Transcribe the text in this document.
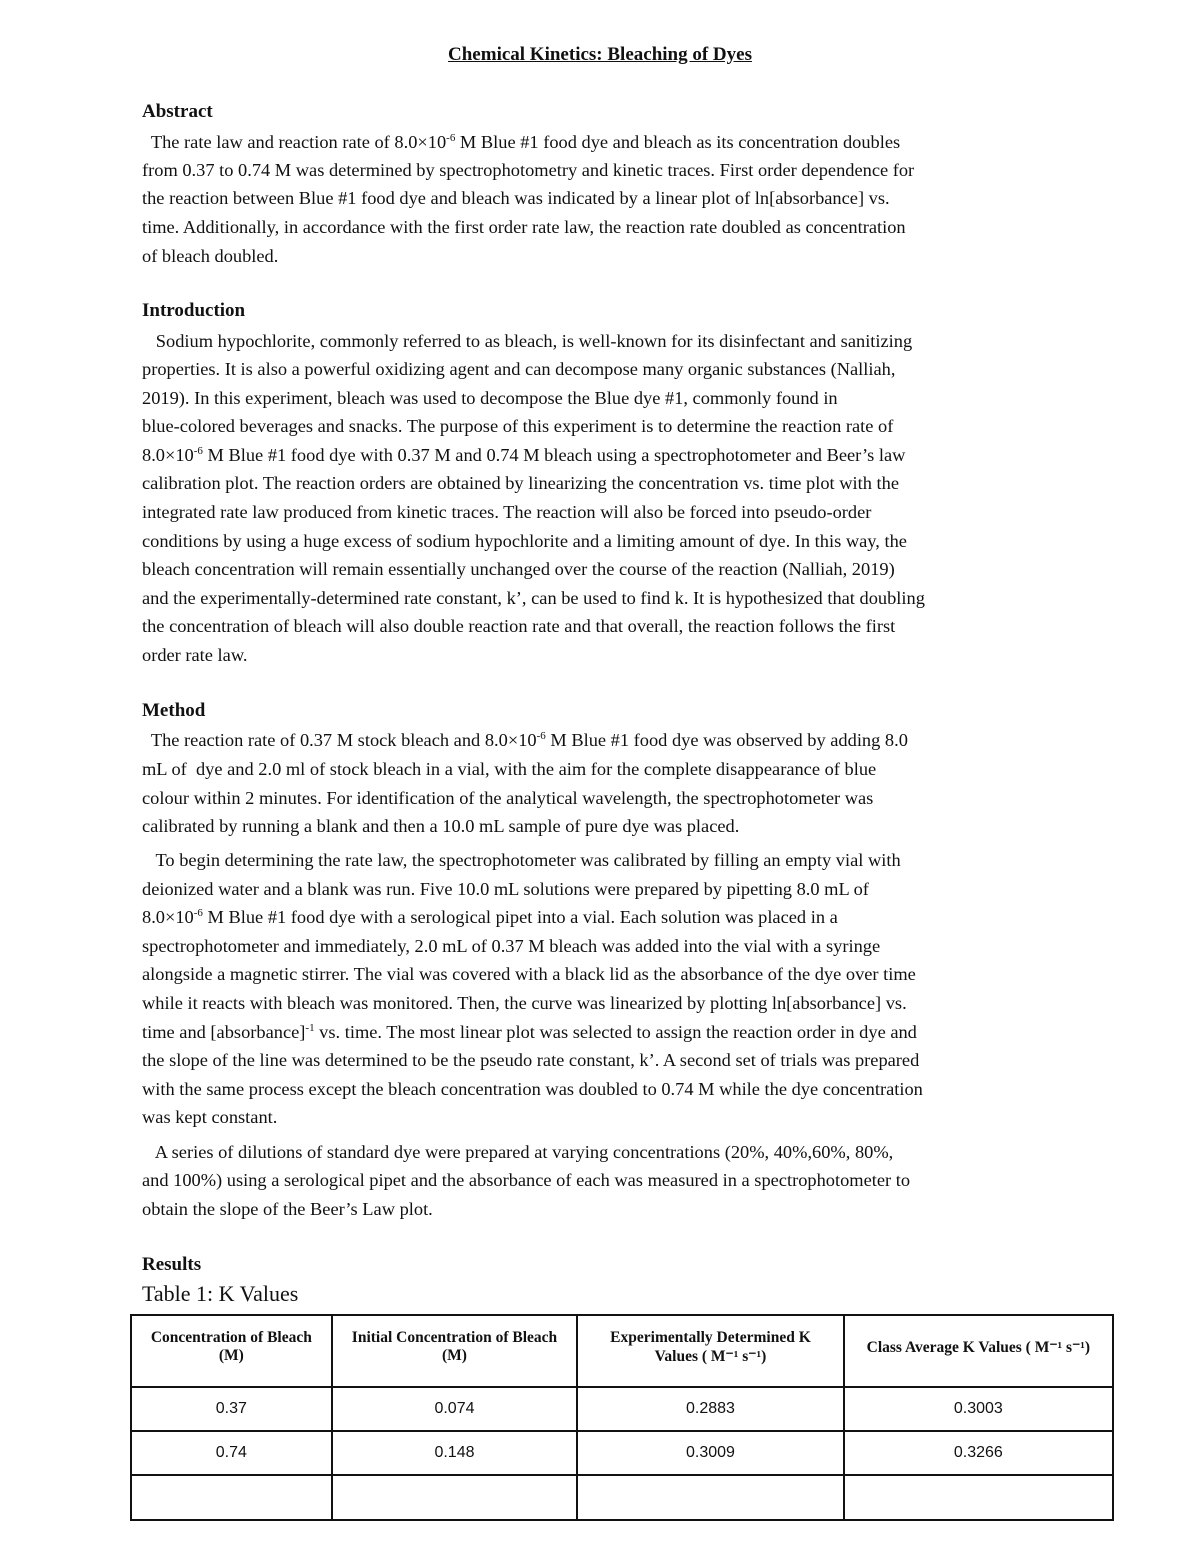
Chemical Kinetics: Bleaching of Dyes
Abstract
The rate law and reaction rate of $8.0\times 10^{-6}$ M Blue #1 food dye and bleach as its concentration doubles
from 0.37 to 0.74 M was determined by spectrophotometry and kinetic traces. First order dependence for
the reaction between Blue #1 food dye and bleach was indicated by a linear plot of ln[absorbance] vs.
time. Additionally, in accordance with the first order rate law, the reaction rate doubled as concentration
of bleach doubled.
Introduction
Sodium hypochlorite, commonly referred to as bleach, is well-known for its disinfectant and sanitizing
properties. It is also a powerful oxidizing agent and can decompose many organic substances (Nalliah,
2019). In this experiment, bleach was used to decompose the Blue dye #1, commonly found in
blue-colored beverages and snacks. The purpose of this experiment is to determine the reaction rate of
$8.0\times 10^{-6}$ M Blue #1 food dye with 0.37 M and 0.74 M bleach using a spectrophotometer and Beer’s law
calibration plot. The reaction orders are obtained by linearizing the concentration vs. time plot with the
integrated rate law produced from kinetic traces. The reaction will also be forced into pseudo-order
conditions by using a huge excess of sodium hypochlorite and a limiting amount of dye. In this way, the
bleach concentration will remain essentially unchanged over the course of the reaction (Nalliah, 2019)
and the experimentally-determined rate constant, k’, can be used to find k. It is hypothesized that doubling
the concentration of bleach will also double reaction rate and that overall, the reaction follows the first
order rate law.
Method
The reaction rate of 0.37 M stock bleach and $8.0\times 10^{-6}$ M Blue #1 food dye was observed by adding 8.0
mL of  dye and 2.0 ml of stock bleach in a vial, with the aim for the complete disappearance of blue
colour within 2 minutes. For identification of the analytical wavelength, the spectrophotometer was
calibrated by running a blank and then a 10.0 mL sample of pure dye was placed.
To begin determining the rate law, the spectrophotometer was calibrated by filling an empty vial with
deionized water and a blank was run. Five 10.0 mL solutions were prepared by pipetting 8.0 mL of
$8.0\times 10^{-6}$ M Blue #1 food dye with a serological pipet into a vial. Each solution was placed in a
spectrophotometer and immediately, 2.0 mL of 0.37 M bleach was added into the vial with a syringe
alongside a magnetic stirrer. The vial was covered with a black lid as the absorbance of the dye over time
while it reacts with bleach was monitored. Then, the curve was linearized by plotting ln[absorbance] vs.
time and [absorbance]$^{-1}$ vs. time. The most linear plot was selected to assign the reaction order in dye and
the slope of the line was determined to be the pseudo rate constant, k’. A second set of trials was prepared
with the same process except the bleach concentration was doubled to 0.74 M while the dye concentration
was kept constant.
A series of dilutions of standard dye were prepared at varying concentrations (20%, 40%,60%, 80%,
and 100%) using a serological pipet and the absorbance of each was measured in a spectrophotometer to
obtain the slope of the Beer’s Law plot.
Results
Table 1: K Values
Concentration of Bleach (M)	Initial Concentration of Bleach (M)	Experimentally Determined K Values ( M⁻¹ s⁻¹)	Class Average K Values ( M⁻¹ s⁻¹)
0.37	0.074	0.2883	0.3003
0.74	0.148	0.3009	0.3266
